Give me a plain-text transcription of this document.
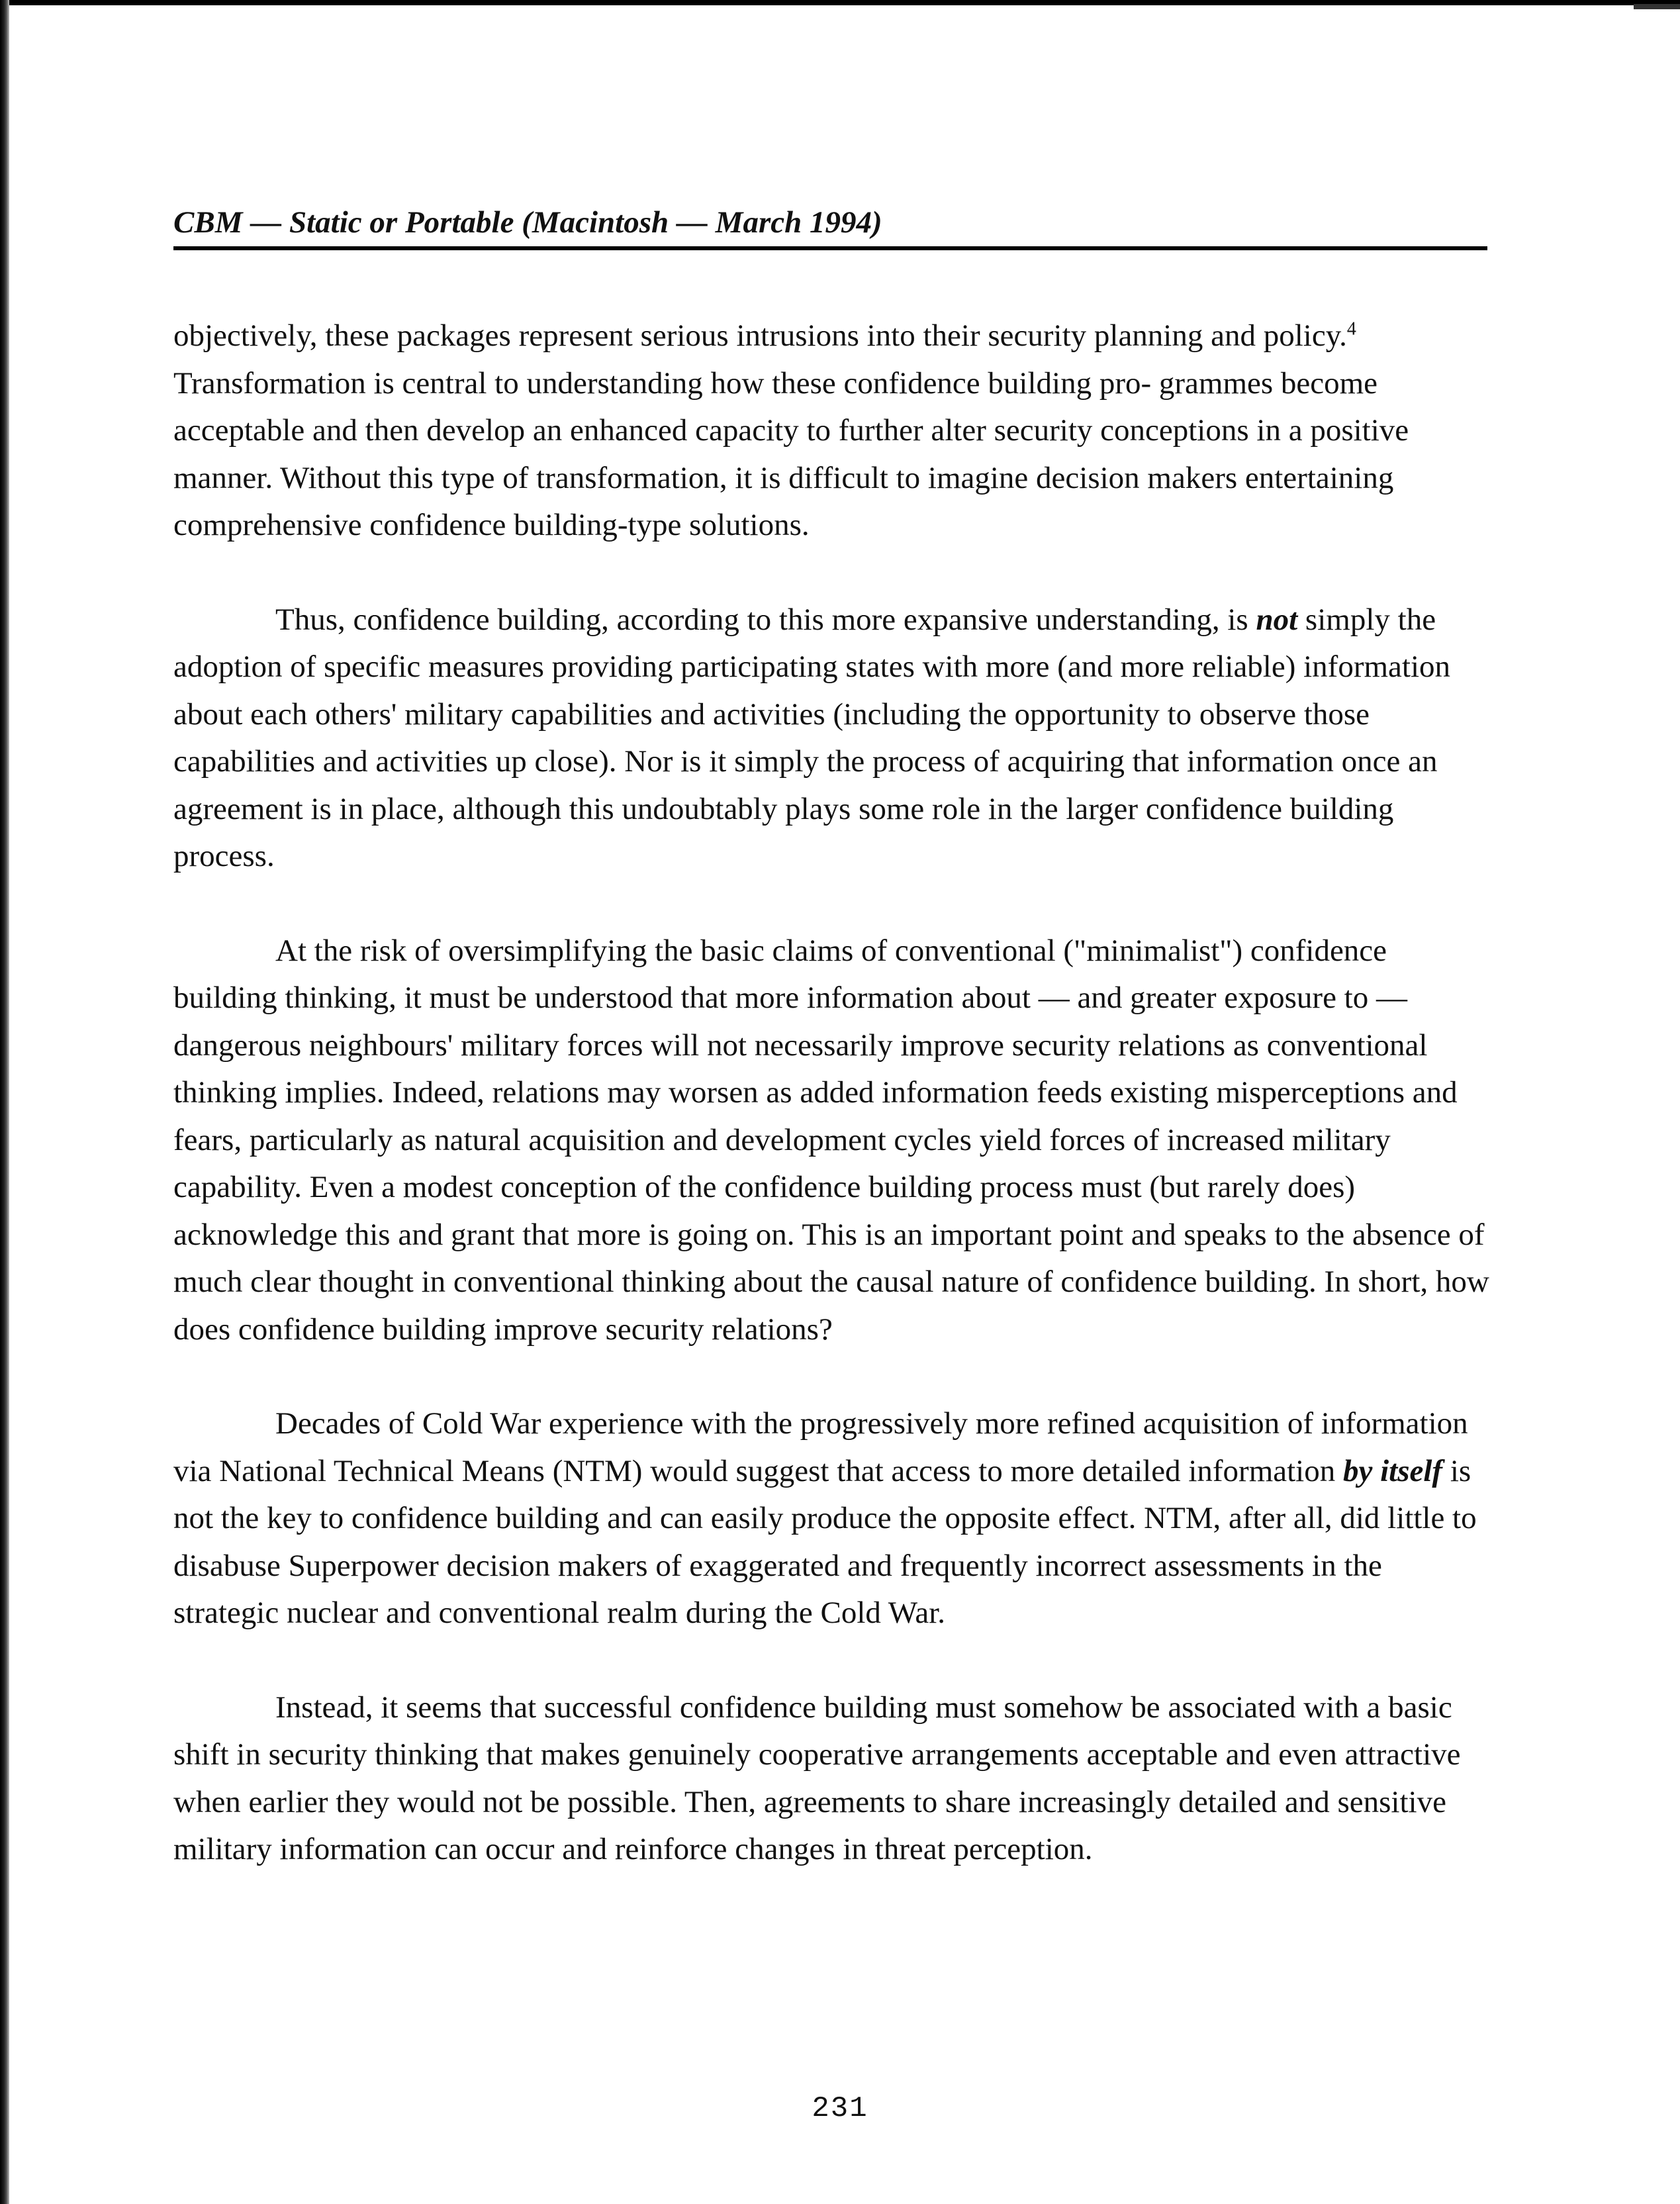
CBM — Static or Portable (Macintosh — March 1994)

objectively, these packages represent serious intrusions into their security planning and policy.$^4$ Transformation is central to understanding how these confidence building pro- grammes become acceptable and then develop an enhanced capacity to further alter security conceptions in a positive manner. Without this type of transformation, it is difficult to imagine decision makers entertaining comprehensive confidence building-type solutions.

Thus, confidence building, according to this more expansive understanding, is not simply the adoption of specific measures providing participating states with more (and more reliable) information about each others' military capabilities and activities (including the opportunity to observe those capabilities and activities up close). Nor is it simply the process of acquiring that information once an agreement is in place, although this undoubtably plays some role in the larger confidence building process.

At the risk of oversimplifying the basic claims of conventional ("minimalist") confidence building thinking, it must be understood that more information about — and greater exposure to — dangerous neighbours' military forces will not necessarily improve security relations as conventional thinking implies. Indeed, relations may worsen as added information feeds existing misperceptions and fears, particularly as natural acquisition and development cycles yield forces of increased military capability. Even a modest conception of the confidence building process must (but rarely does) acknowledge this and grant that more is going on. This is an important point and speaks to the absence of much clear thought in conventional thinking about the causal nature of confidence building. In short, how does confidence building improve security relations?

Decades of Cold War experience with the progressively more refined acquisition of information via National Technical Means (NTM) would suggest that access to more detailed information by itself is not the key to confidence building and can easily produce the opposite effect. NTM, after all, did little to disabuse Superpower decision makers of exaggerated and frequently incorrect assessments in the strategic nuclear and conventional realm during the Cold War.

Instead, it seems that successful confidence building must somehow be associated with a basic shift in security thinking that makes genuinely cooperative arrangements acceptable and even attractive when earlier they would not be possible. Then, agreements to share increasingly detailed and sensitive military information can occur and reinforce changes in threat perception.

231
